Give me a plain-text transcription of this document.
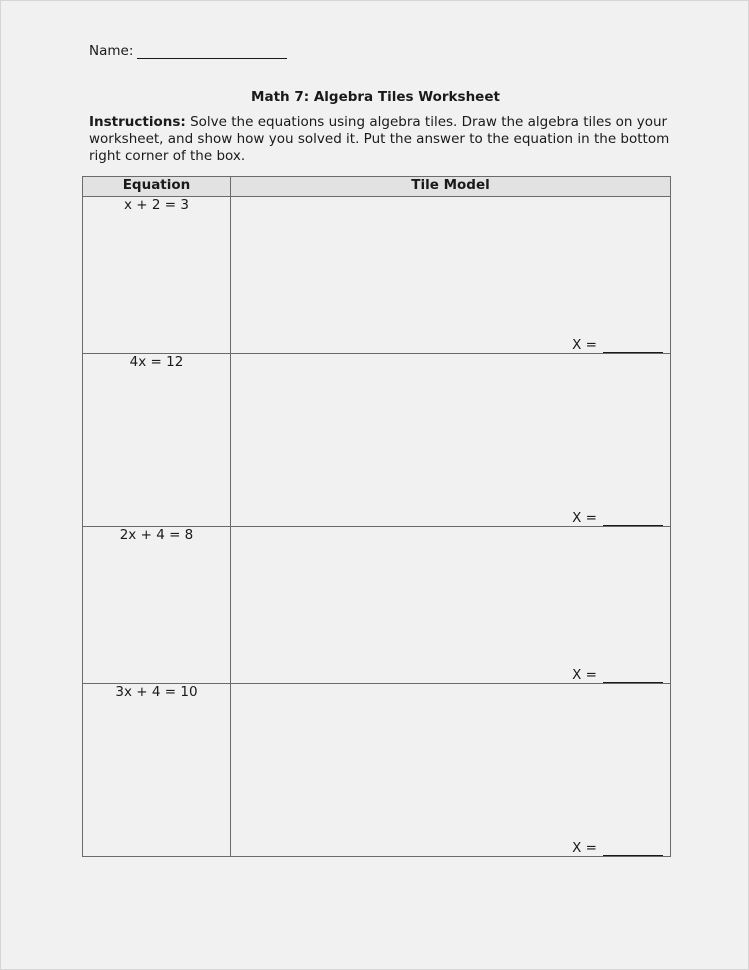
Name:
Math 7: Algebra Tiles Worksheet
Instructions: Solve the equations using algebra tiles. Draw the algebra tiles on your worksheet, and show how you solved it. Put the answer to the equation in the bottom right corner of the box.
Equation	Tile Model
x + 2 = 3	X =

4x = 12	X =

2x + 4 = 8	X =

3x + 4 = 10	X =
